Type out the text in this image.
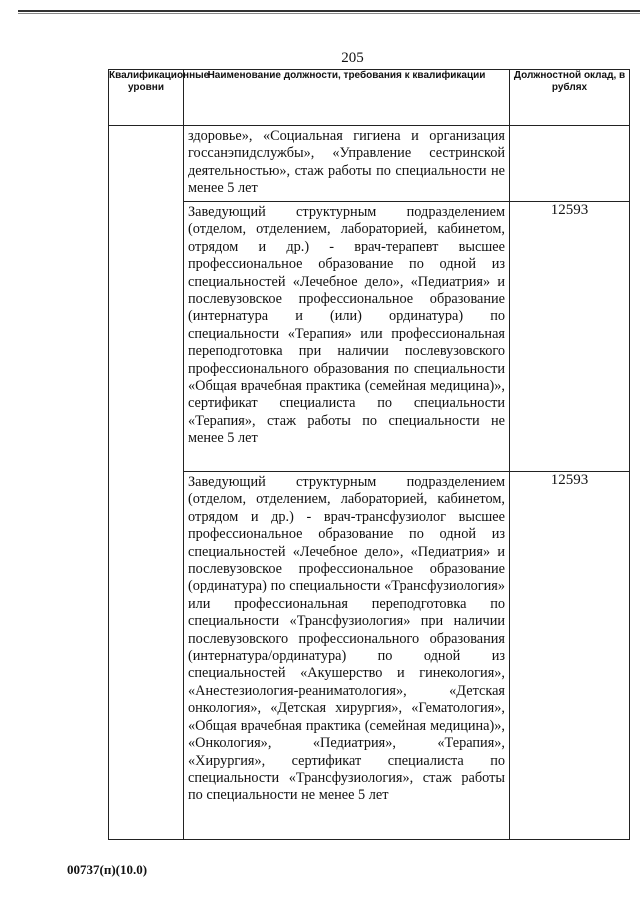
205
Квалификационные уровни	Наименование должности, требования к квалификации	Должностной оклад, в рублях

	здоровье», «Социальная гигиена и организация госсанэпидслужбы», «Управление сестринской деятельностью», стаж работы по специальности не менее 5 лет	

	Заведующий структурным подразделением (отделом, отделением, лабораторией, кабинетом, отрядом и др.) - врач-терапевт высшее профессиональное образование по одной из специальностей «Лечебное дело», «Педиатрия» и послевузовское профессиональное образование (интернатура и (или) ординатура) по специальности «Терапия» или профессиональная переподготовка при наличии послевузовского профессионального образования по специальности «Общая врачебная практика (семейная медицина)», сертификат специалиста по специальности «Терапия», стаж работы по специальности не менее 5 лет	12593

	Заведующий структурным подразделением (отделом, отделением, лабораторией, кабинетом, отрядом и др.) - врач-трансфузиолог высшее профессиональное образование по одной из специальностей «Лечебное дело», «Педиатрия» и послевузовское профессиональное образование (ординатура) по специальности «Трансфузиология» или профессиональная переподготовка по специальности «Трансфузиология» при наличии послевузовского профессионального образования (интернатура/ординатура) по одной из специальностей «Акушерство и гинекология», «Анестезиология-реаниматология», «Детская онкология», «Детская хирургия», «Гематология», «Общая врачебная практика (семейная медицина)», «Онкология», «Педиатрия», «Терапия», «Хирургия», сертификат специалиста по специальности «Трансфузиология», стаж работы по специальности не менее 5 лет	12593
00737(п)(10.0)
